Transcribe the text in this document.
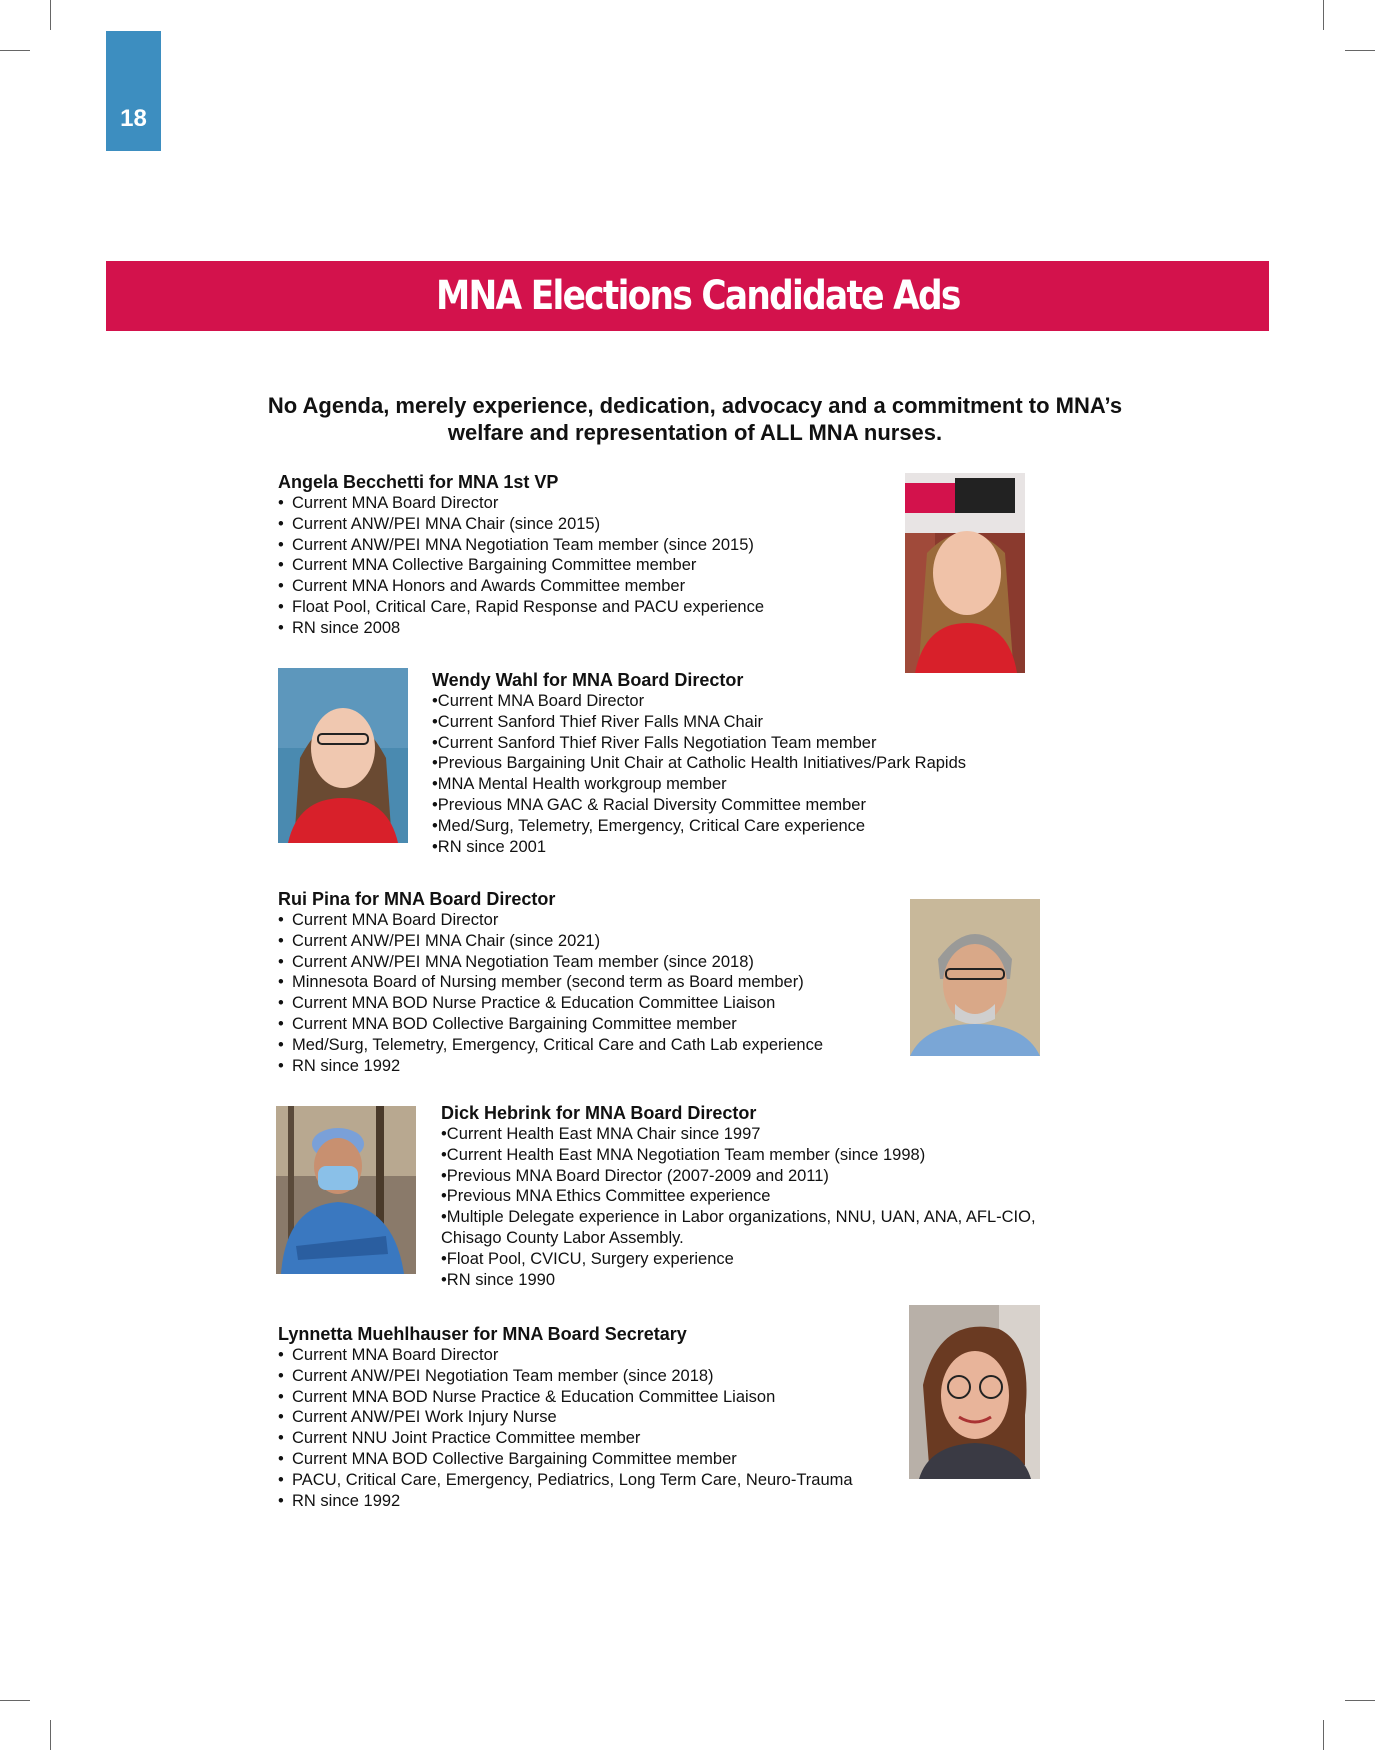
18
MNA Elections Candidate Ads

No Agenda, merely experience, dedication, advocacy and a commitment to MNA’s welfare and representation of ALL MNA nurses.

Angela Becchetti for MNA 1st VP
• Current MNA Board Director
• Current ANW/PEI MNA Chair (since 2015)
• Current ANW/PEI MNA Negotiation Team member (since 2015)
• Current MNA Collective Bargaining Committee member
• Current MNA Honors and Awards Committee member
• Float Pool, Critical Care, Rapid Response and PACU experience
• RN since 2008
Wendy Wahl for MNA Board Director
•Current MNA Board Director
•Current Sanford Thief River Falls MNA Chair
•Current Sanford Thief River Falls Negotiation Team member
•Previous Bargaining Unit Chair at Catholic Health Initiatives/Park Rapids
•MNA Mental Health workgroup member
•Previous MNA GAC & Racial Diversity Committee member
•Med/Surg, Telemetry, Emergency, Critical Care experience
•RN since 2001
Rui Pina for MNA Board Director
• Current MNA Board Director
• Current ANW/PEI MNA Chair (since 2021)
• Current ANW/PEI MNA Negotiation Team member (since 2018)
• Minnesota Board of Nursing member (second term as Board member)
• Current MNA BOD Nurse Practice & Education Committee Liaison
• Current MNA BOD Collective Bargaining Committee member
• Med/Surg, Telemetry, Emergency, Critical Care and Cath Lab experience
• RN since 1992
Dick Hebrink for MNA Board Director
•Current Health East MNA Chair since 1997
•Current Health East MNA Negotiation Team member (since 1998)
•Previous MNA Board Director (2007-2009 and 2011)
•Previous MNA Ethics Committee experience
•Multiple Delegate experience in Labor organizations, NNU, UAN, ANA, AFL-CIO, Chisago County Labor Assembly.
•Float Pool, CVICU, Surgery experience
•RN since 1990
Lynnetta Muehlhauser for MNA Board Secretary
• Current MNA Board Director
• Current ANW/PEI Negotiation Team member (since 2018)
• Current MNA BOD Nurse Practice & Education Committee Liaison
• Current ANW/PEI Work Injury Nurse
• Current NNU Joint Practice Committee member
• Current MNA BOD Collective Bargaining Committee member
• PACU, Critical Care, Emergency, Pediatrics, Long Term Care, Neuro-Trauma
• RN since 1992
